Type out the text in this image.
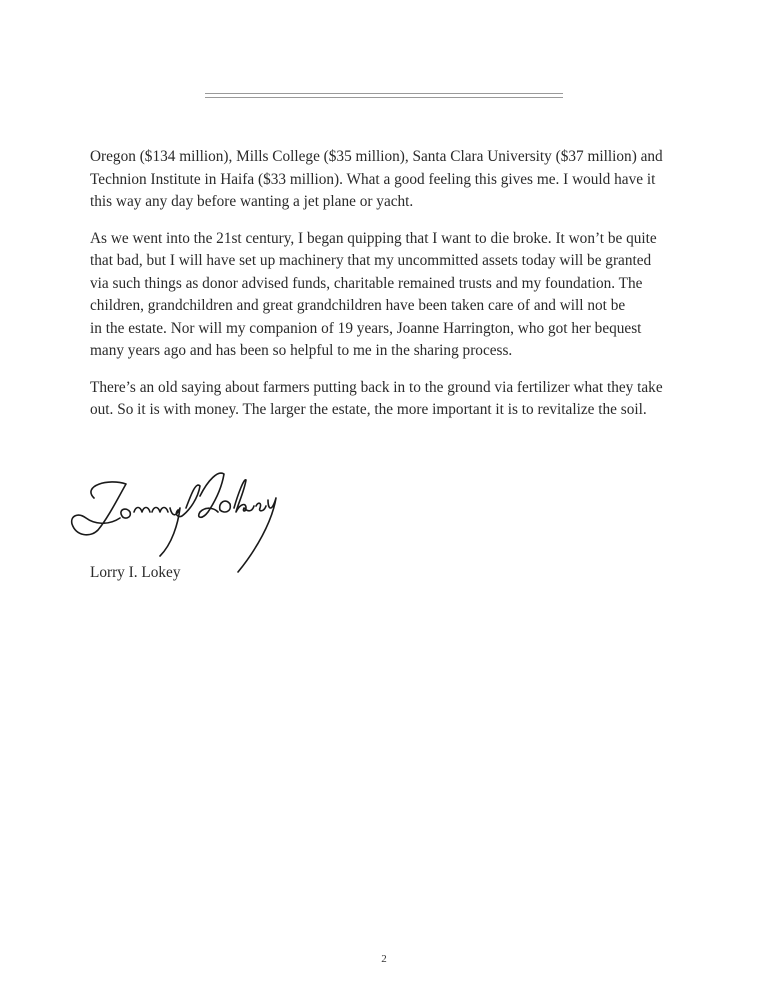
Oregon ($134 million), Mills College ($35 million), Santa Clara University ($37 million) and
Technion Institute in Haifa ($33 million). What a good feeling this gives me. I would have it
this way any day before wanting a jet plane or yacht.

As we went into the 21st century, I began quipping that I want to die broke. It won’t be quite
that bad, but I will have set up machinery that my uncommitted assets today will be granted
via such things as donor advised funds, charitable remained trusts and my foundation. The
children, grandchildren and great grandchildren have been taken care of and will not be
in the estate. Nor will my companion of 19 years, Joanne Harrington, who got her bequest
many years ago and has been so helpful to me in the sharing process.

There’s an old saying about farmers putting back in to the ground via fertilizer what they take
out. So it is with money. The larger the estate, the more important it is to revitalize the soil.

Lorry I. Lokey
2
